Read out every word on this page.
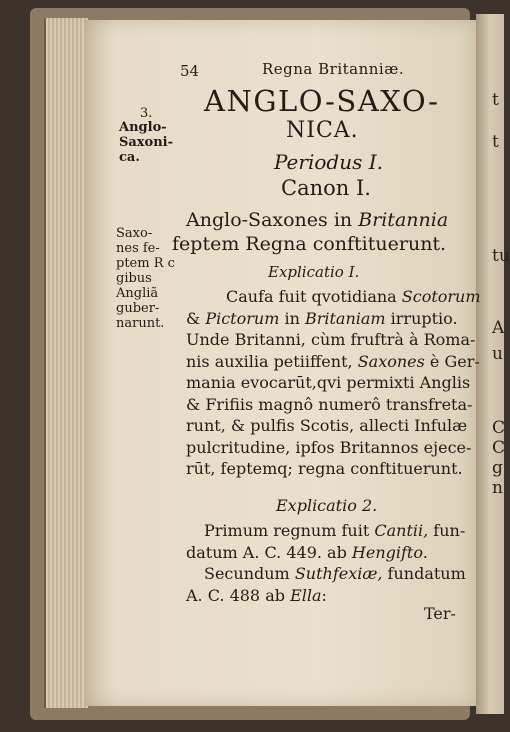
t
t
tu
A
u
C
C
g
n
54	Regna Britanniæ.
ANGLO-SAXO-
NICA.
Periodus I.
Canon I.
3.
Anglo-
Saxoni-
ca.
Saxo-
nes fe-
ptem R c
gibus
Angliã
guber-
narunt.
Anglo-Saxones in Britannia
feptem Regna conftituerunt.
Explicatio I.
Caufa fuit qvotidiana Scotorum
& Pictorum in Britaniam irruptio.
Unde Britanni, cùm fruftrà à Roma-
nis auxilia petiiffent, Saxones è Ger-
mania evocarūt,qvi permixti Anglis
& Frifiis magnô numerô transfreta-
runt, & pulfis Scotis, allecti Infulæ
pulcritudine, ipfos Britannos ejece-
rūt, feptemq; regna conftituerunt.
Explicatio 2.
Primum regnum fuit Cantii, fun-
datum A. C. 449. ab Hengifto.
Secundum Suthfexiæ, fundatum
A. C. 488 ab Ella:
Ter-
